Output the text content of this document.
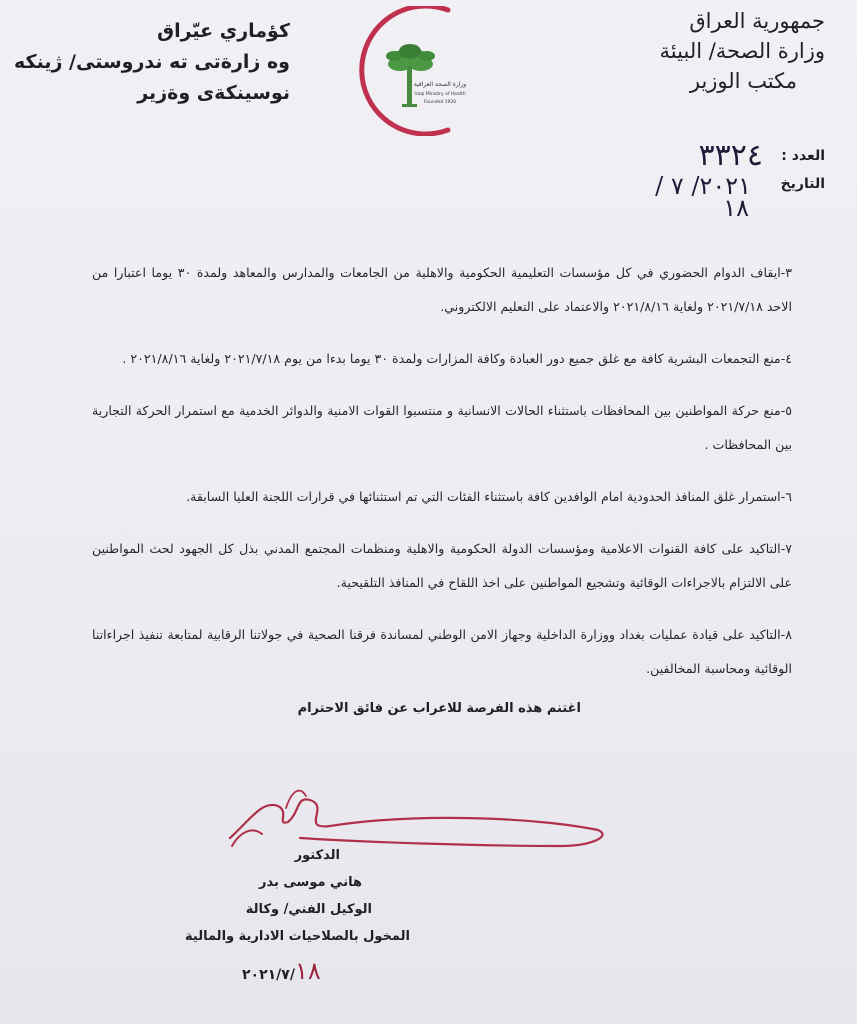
جمهورية العراق
وزارة الصحة/ البيئة
مكتب الوزير
كؤماري عيّراق
وه زارةتى ته ندروستى/ ژينكه
نوسينكةى وةزير	وزارة الصحة العراقية
Iraqi Ministry of Health
Founded 1920
العدد :
٣٣٢٤
التاريخ
٢٠٢١/ ٧ /
١٨
٣-ايقاف الدوام الحضوري في كل مؤسسات التعليمية الحكومية والاهلية من الجامعات والمدارس والمعاهد ولمدة ٣٠ يوما اعتبارا من الاحد ٢٠٢١/٧/١٨ ولغاية ٢٠٢١/٨/١٦ والاعتماد على التعليم الالكتروني.
٤-منع التجمعات البشرية كافة مع غلق جميع دور العبادة وكافة المزارات ولمدة ٣٠ يوما بدءا من يوم ٢٠٢١/٧/١٨ ولغاية ٢٠٢١/٨/١٦ .
٥-منع حركة المواطنين بين المحافظات باستثناء الحالات الانسانية و منتسبوا القوات الامنية والدوائر الخدمية مع استمرار الحركة التجارية بين المحافظات .
٦-استمرار غلق المنافذ الحدودية امام الوافدين كافة باستثناء الفئات التي تم استثنائها في قرارات اللجنة العليا السابقة.
٧-التاكيد على كافة القنوات الاعلامية ومؤسسات الدولة الحكومية والاهلية ومنظمات المجتمع المدني بذل كل الجهود لحث المواطنين على الالتزام بالاجراءات الوقائية وتشجيع المواطنين على اخذ اللقاح في المنافذ التلقيحية.
٨-التاكيد على قيادة عمليات بغداد ووزارة الداخلية وجهاز الامن الوطني لمساندة فرقنا الصحية في جولاتنا الرقابية لمتابعة تنفيذ اجراءاتنا الوقائية ومحاسبة المخالفين.
اغتنم هذه الفرصة للاعراب عن فائق الاحترام
الدكتور
هاني موسى بدر
الوكيل الفني/ وكالة
المخول بالصلاحيات الادارية والمالية
٢٠٢١/٧/١٨
